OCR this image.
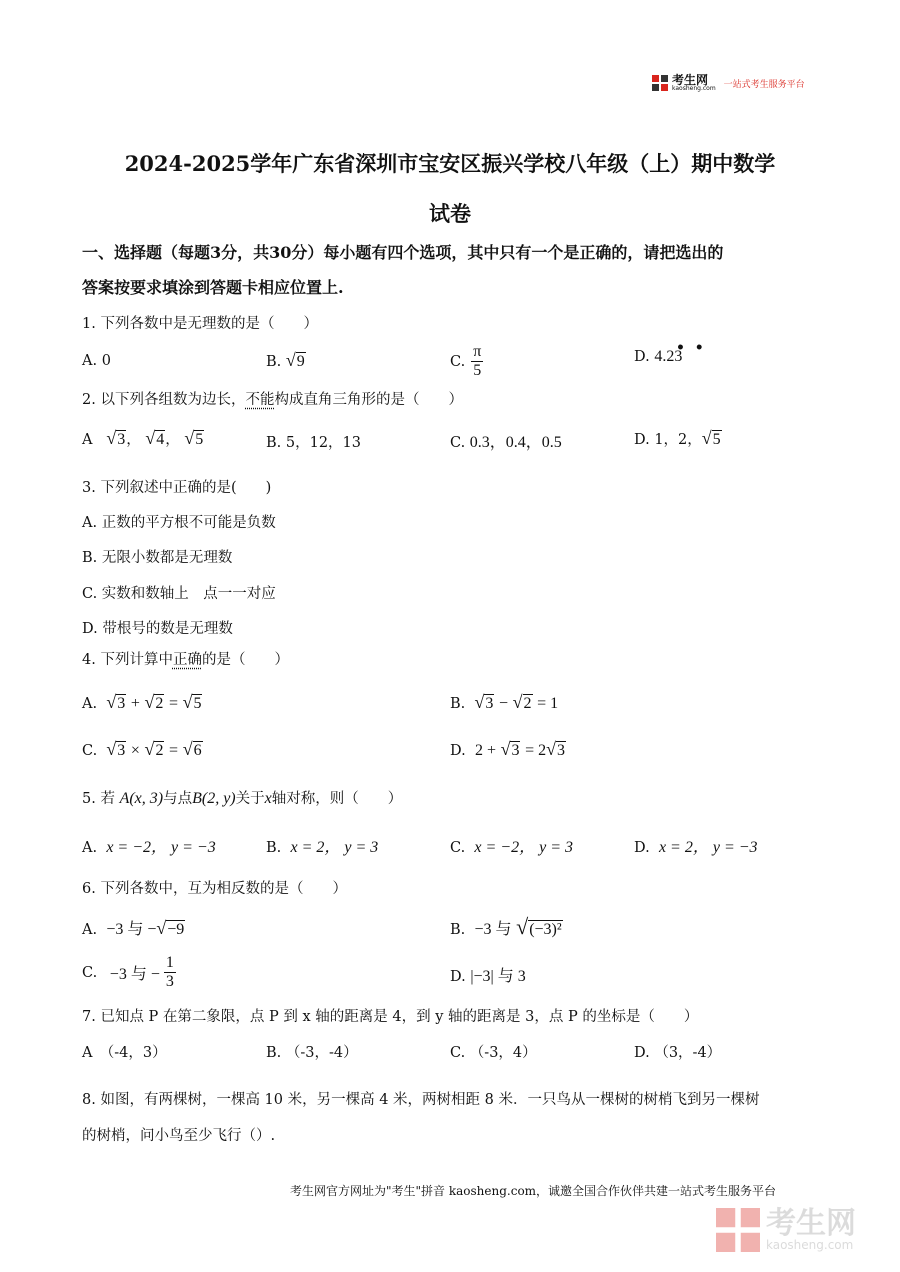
考生网
kaosheng.com 一站式考生服务平台
2024-2025学年广东省深圳市宝安区振兴学校八年级（上）期中数学
试卷
一、选择题（每题3分，共30分）每小题有四个选项，其中只有一个是正确的，请把选出的
答案按要求填涂到答题卡相应位置上.
1. 下列各数中是无理数的是（　　）
A. 0	B. √9	C. $\frac{\pi}{5}$	D. 4.23
•  •
2. 以下列各组数为边长，不能构成直角三角形的是（　　）
A √3， √4， √5	B. 5，12，13	C. 0.3，0.4，0.5	D. 1，2，√5
3. 下列叙述中正确的是(　　)
A. 正数的平方根不可能是负数
B. 无限小数都是无理数
C. 实数和数轴上　点一一对应
D. 带根号的数是无理数
4. 下列计算中正确的是（　　）
A. √3 + √2 = √5	B. √3 − √2 = 1
C. √3 × √2 = √6	D. 2 + √3 = 2√3
5. 若 A(x, 3)与点B(2, y)关于x轴对称，则（　　）
A. x = −2， y = −3	B. x = 2， y = 3	C. x = −2， y = 3	D. x = 2， y = −3
6. 下列各数中，互为相反数的是（　　）
A. −3 与 −√−9	B. −3 与 √(−3)²
C.
−3 与 − $\frac{1}{3}$	D. |−3| 与 3
7. 已知点 P 在第二象限，点 P 到 x 轴的距离是 4，到 y 轴的距离是 3，点 P 的坐标是（　　）
A　（-4，3）	B. （-3，-4）	C. （-3，4）	D. （3，-4）
8. 如图，有两棵树，一棵高 10 米，另一棵高 4 米，两树相距 8 米．一只鸟从一棵树的树梢飞到另一棵树
的树梢，问小鸟至少飞行（）.
考生网官方网址为"考生"拼音 kaosheng.com，诚邀全国合作伙伴共建一站式考生服务平台
考生网
kaosheng.com
